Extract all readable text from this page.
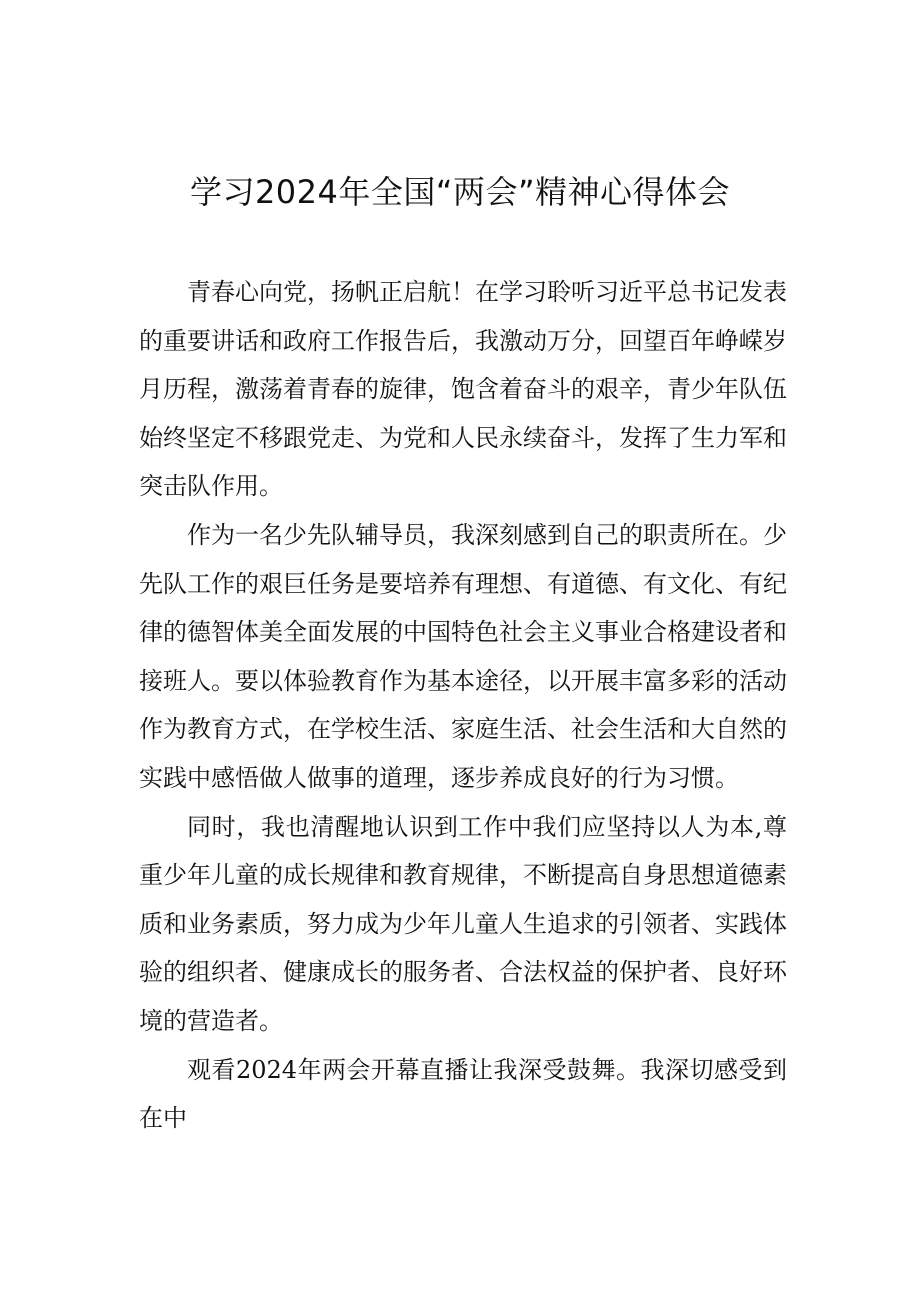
学习2024年全国“两会”精神心得体会

青春心向党，扬帆正启航！在学习聆听习近平总书记发表的重要讲话和政府工作报告后，我激动万分，回望百年峥嵘岁月历程，激荡着青春的旋律，饱含着奋斗的艰辛，青少年队伍始终坚定不移跟党走、为党和人民永续奋斗，发挥了生力军和突击队作用。

作为一名少先队辅导员，我深刻感到自己的职责所在。少先队工作的艰巨任务是要培养有理想、有道德、有文化、有纪律的德智体美全面发展的中国特色社会主义事业合格建设者和接班人。要以体验教育作为基本途径，以开展丰富多彩的活动作为教育方式，在学校生活、家庭生活、社会生活和大自然的实践中感悟做人做事的道理，逐步养成良好的行为习惯。

同时，我也清醒地认识到工作中我们应坚持以人为本,尊重少年儿童的成长规律和教育规律，不断提高自身思想道德素质和业务素质，努力成为少年儿童人生追求的引领者、实践体验的组织者、健康成长的服务者、合法权益的保护者、良好环境的营造者。

观看2024年两会开幕直播让我深受鼓舞。我深切感受到在中
